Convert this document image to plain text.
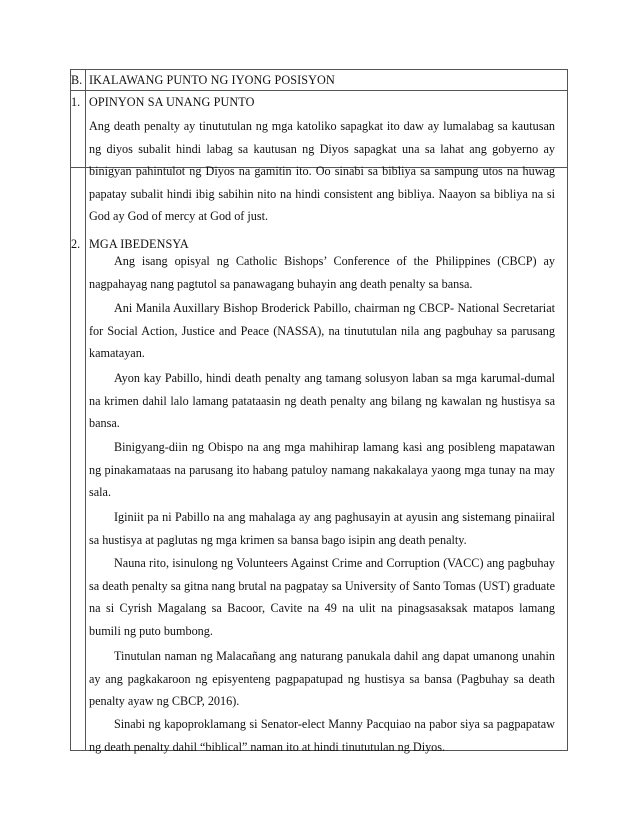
B. IKALAWANG PUNTO NG IYONG POSISYON
1. OPINYON SA UNANG PUNTO
Ang death penalty ay tinututulan ng mga katoliko sapagkat ito daw ay lumalabag sa kautusan ng diyos subalit hindi labag sa kautusan ng Diyos sapagkat una sa lahat ang gobyerno ay binigyan pahintulot ng Diyos na gamitin ito. Oo sinabi sa bibliya sa sampung utos na huwag papatay subalit hindi ibig sabihin nito na hindi consistent ang bibliya. Naayon sa bibliya na si God ay God of mercy at God of just.
2. MGA IBEDENSYA
Ang isang opisyal ng Catholic Bishops’ Conference of the Philippines (CBCP) ay nagpahayag nang pagtutol sa panawagang buhayin ang death penalty sa bansa.
Ani Manila Auxillary Bishop Broderick Pabillo, chairman ng CBCP- National Secretariat for Social Action, Justice and Peace (NASSA), na tinututulan nila ang pagbuhay sa parusang kamatayan.
Ayon kay Pabillo, hindi death penalty ang tamang solusyon laban sa mga karumal-dumal na krimen dahil lalo lamang patataasin ng death penalty ang bilang ng kawalan ng hustisya sa bansa.
Binigyang-diin ng Obispo na ang mga mahihirap lamang kasi ang posibleng mapatawan ng pinakamataas na parusang ito habang patuloy namang nakakalaya yaong mga tunay na may sala.
Iginiit pa ni Pabillo na ang mahalaga ay ang paghusayin at ayusin ang sistemang pinaiiral sa hustisya at paglutas ng mga krimen sa bansa bago isipin ang death penalty.
Nauna rito, isinulong ng Volunteers Against Crime and Corruption (VACC) ang pagbuhay sa death penalty sa gitna nang brutal na pagpatay sa University of Santo Tomas (UST) graduate na si Cyrish Magalang sa Bacoor, Cavite na 49 na ulit na pinagsasaksak matapos lamang bumili ng puto bumbong.
Tinutulan naman ng Malacañang ang naturang panukala dahil ang dapat umanong unahin ay ang pagkakaroon ng episyenteng pagpapatupad ng hustisya sa bansa (Pagbuhay sa death penalty ayaw ng CBCP, 2016).
Sinabi ng kapoproklamang si Senator-elect Manny Pacquiao na pabor siya sa pagpapataw ng death penalty dahil “biblical” naman ito at hindi tinututulan ng Diyos.
